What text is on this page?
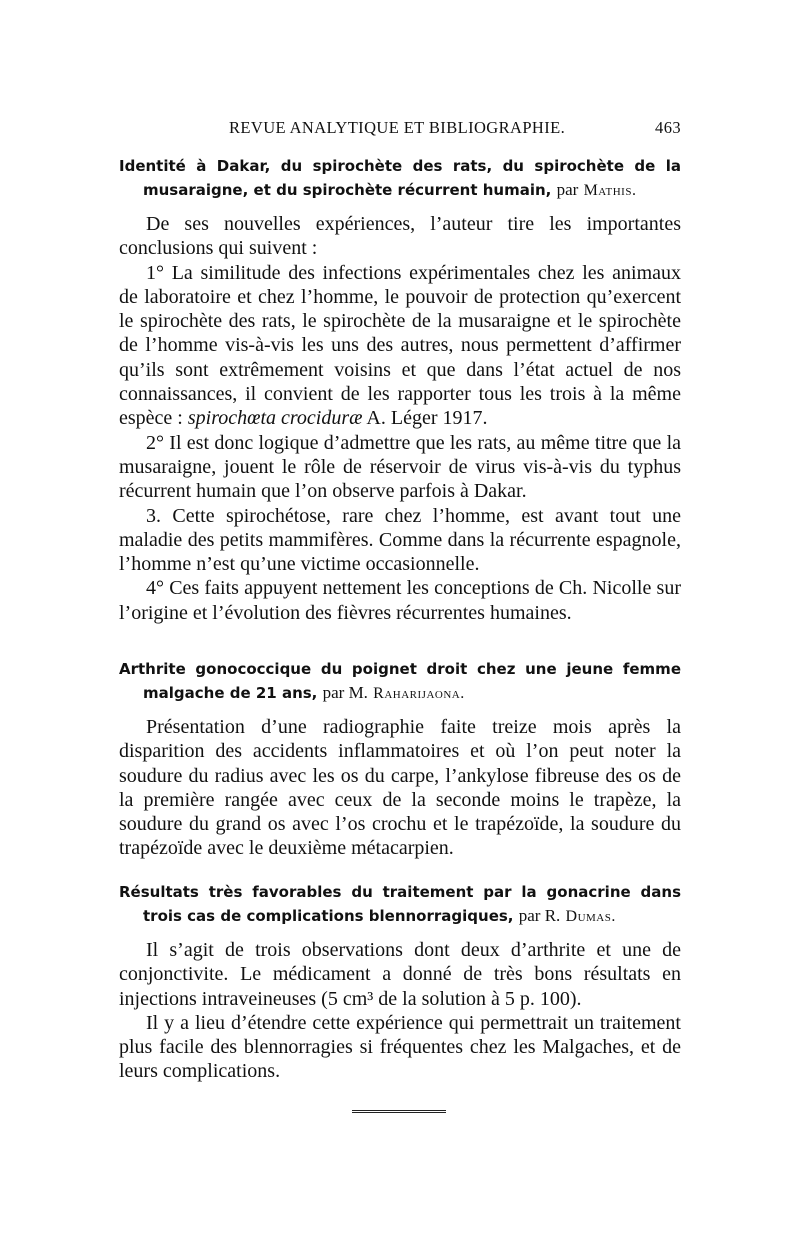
REVUE ANALYTIQUE ET BIBLIOGRAPHIE.	463

Identité à Dakar, du spirochète des rats, du spirochète de la musaraigne, et du spirochète récurrent humain, par Mathis.

De ses nouvelles expériences, l’auteur tire les importantes conclusions qui suivent :

1° La similitude des infections expérimentales chez les animaux de laboratoire et chez l’homme, le pouvoir de protection qu’exercent le spirochète des rats, le spirochète de la musaraigne et le spirochète de l’homme vis-à-vis les uns des autres, nous permettent d’affirmer qu’ils sont extrêmement voisins et que dans l’état actuel de nos connaissances, il convient de les rapporter tous les trois à la même espèce : spirochœta crociduræ A. Léger 1917.

2° Il est donc logique d’admettre que les rats, au même titre que la musaraigne, jouent le rôle de réservoir de virus vis-à-vis du typhus récurrent humain que l’on observe parfois à Dakar.

3. Cette spirochétose, rare chez l’homme, est avant tout une maladie des petits mammifères. Comme dans la récurrente espagnole, l’homme n’est qu’une victime occasionnelle.

4° Ces faits appuyent nettement les conceptions de Ch. Nicolle sur l’origine et l’évolution des fièvres récurrentes humaines.

Arthrite gonococcique du poignet droit chez une jeune femme malgache de 21 ans, par M. Raharijaona.

Présentation d’une radiographie faite treize mois après la disparition des accidents inflammatoires et où l’on peut noter la soudure du radius avec les os du carpe, l’ankylose fibreuse des os de la première rangée avec ceux de la seconde moins le trapèze, la soudure du grand os avec l’os crochu et le trapézoïde, la soudure du trapézoïde avec le deuxième métacarpien.

Résultats très favorables du traitement par la gonacrine dans trois cas de complications blennorragiques, par R. Dumas.

Il s’agit de trois observations dont deux d’arthrite et une de conjonctivite. Le médicament a donné de très bons résultats en injections intraveineuses (5 cm³ de la solution à 5 p. 100).

Il y a lieu d’étendre cette expérience qui permettrait un traitement plus facile des blennorragies si fréquentes chez les Malgaches, et de leurs complications.
